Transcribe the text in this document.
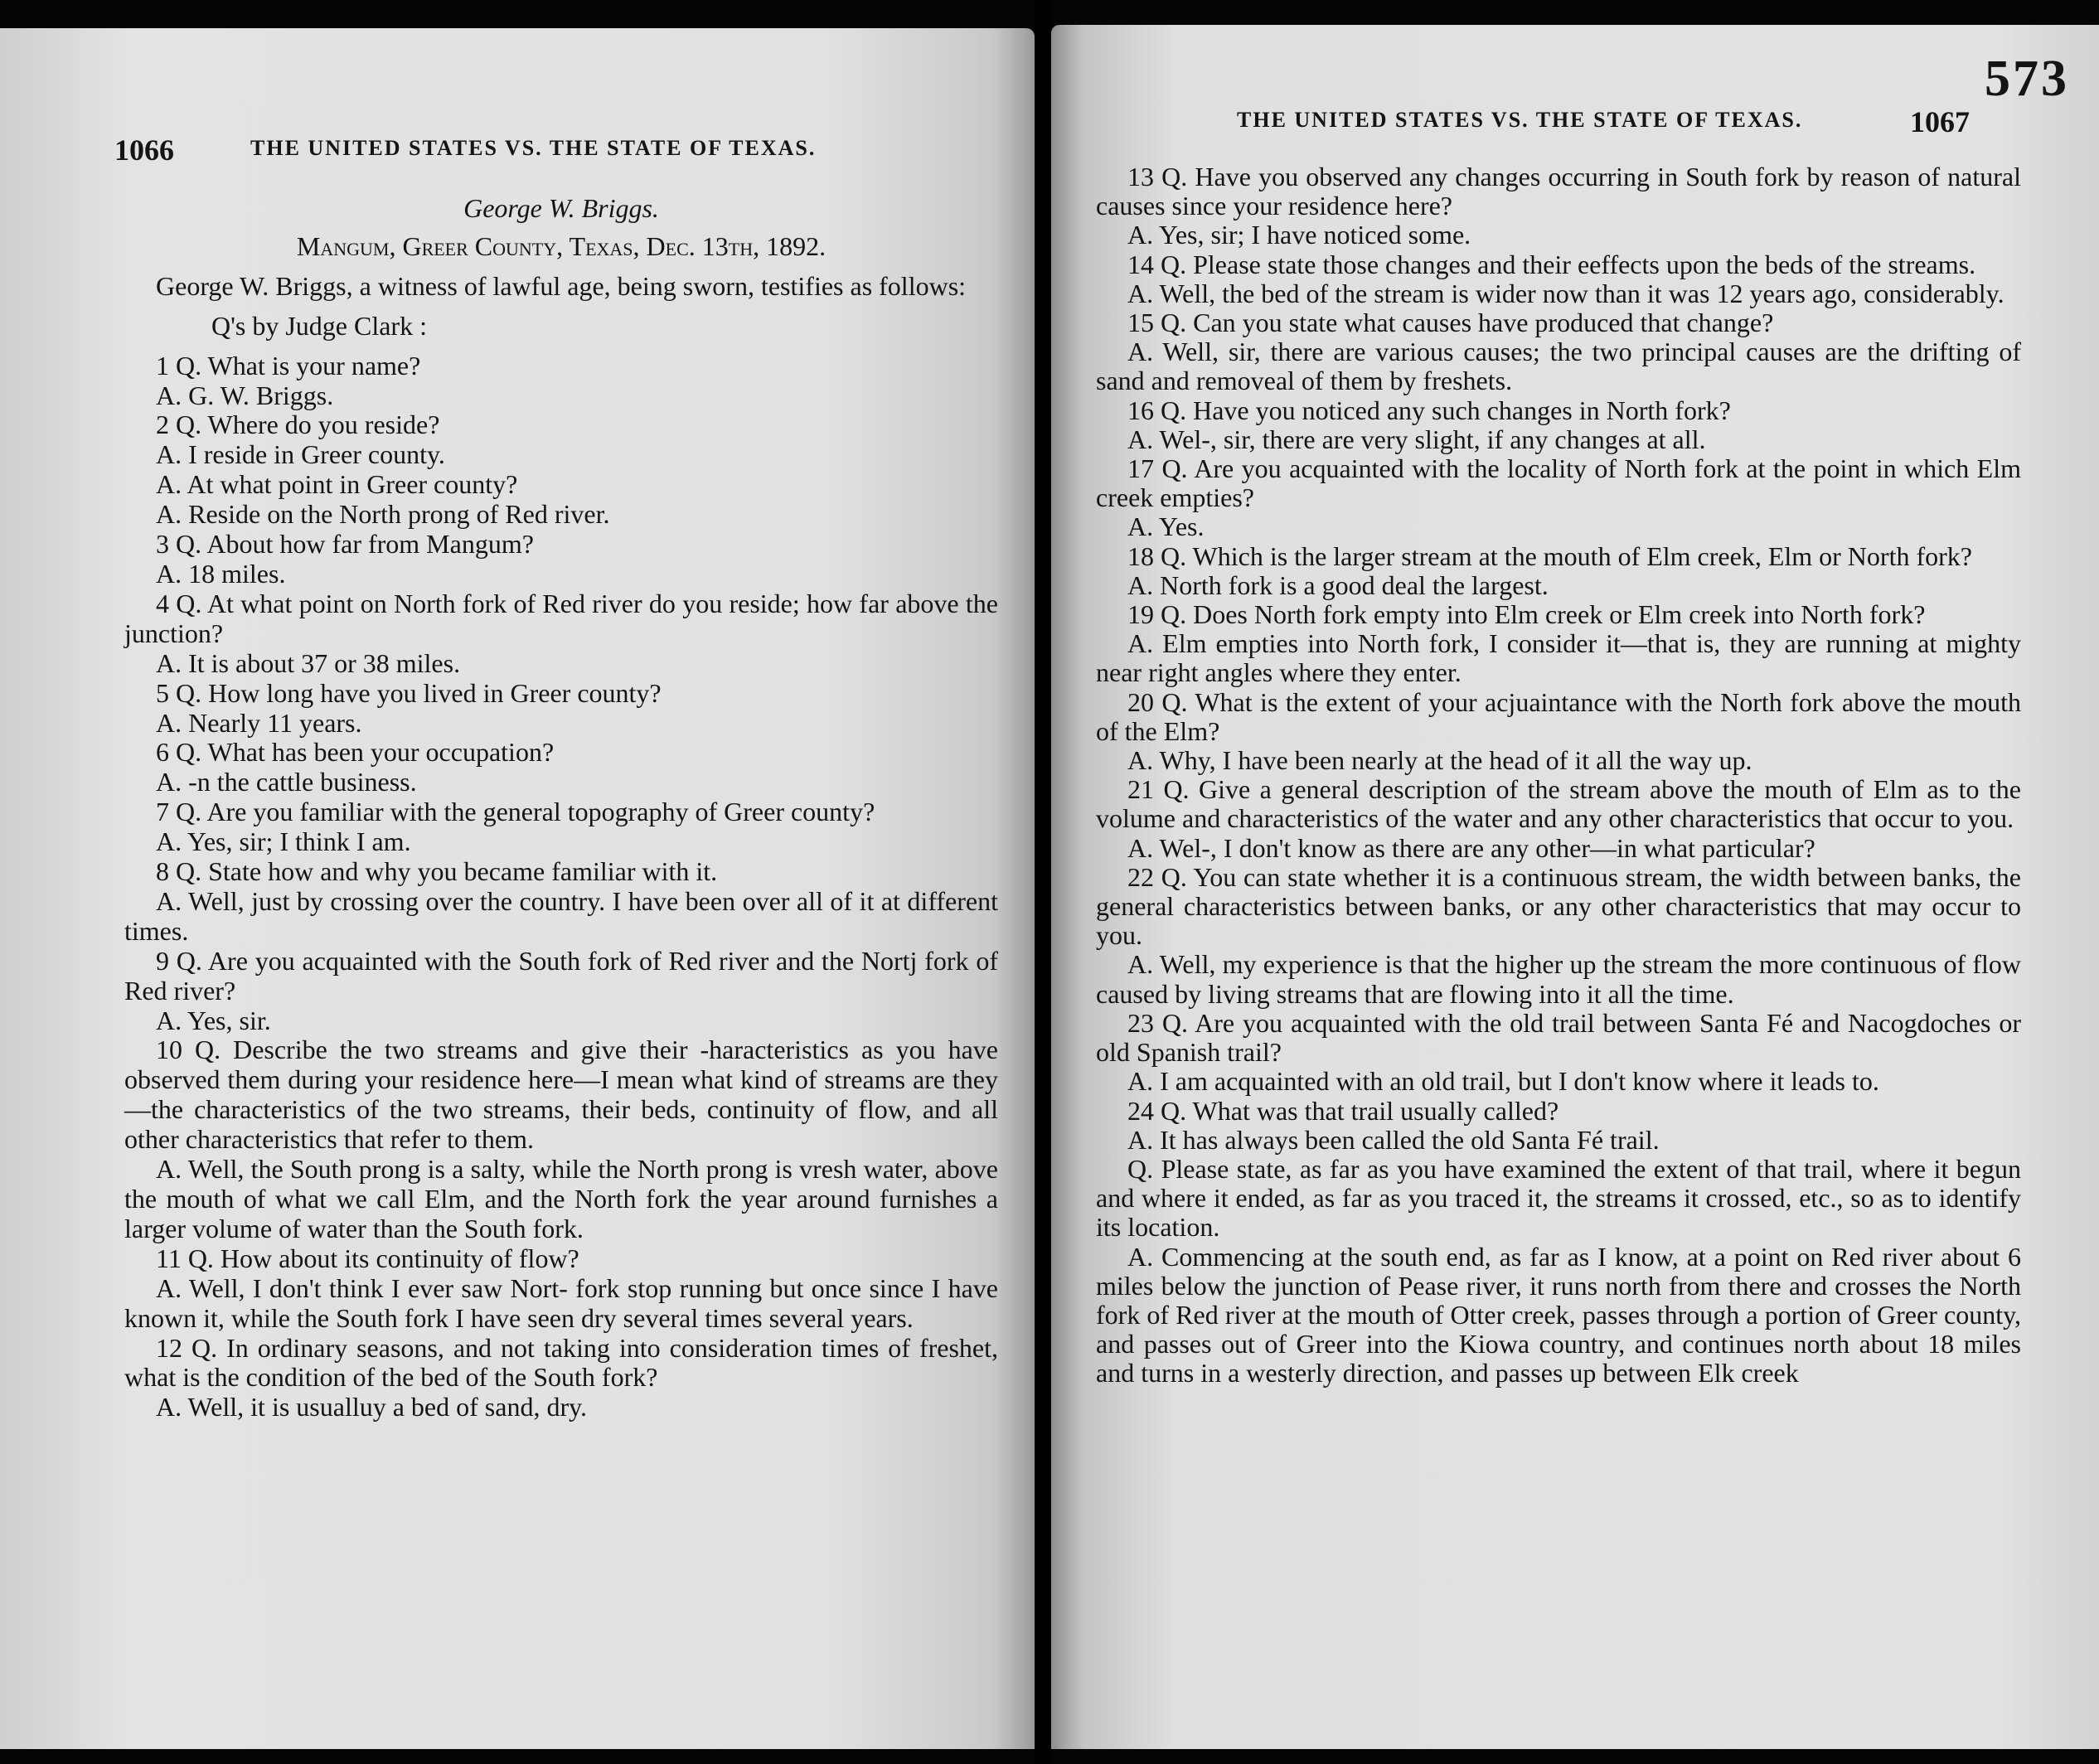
1066	THE UNITED STATES VS. THE STATE OF TEXAS.

George W. Briggs.

Mangum, Greer County, Texas, Dec. 13th, 1892.

George W. Briggs, a witness of lawful age, being sworn, testifies as follows:

Q's by Judge Clark :

1 Q. What is your name?

A. G. W. Briggs.

2 Q. Where do you reside?

A. I reside in Greer county.

A. At what point in Greer county?

A. Reside on the North prong of Red river.

3 Q. About how far from Mangum?

A. 18 miles.

4 Q. At what point on North fork of Red river do you reside; how far above the junction?

A. It is about 37 or 38 miles.

5 Q. How long have you lived in Greer county?

A. Nearly 11 years.

6 Q. What has been your occupation?

A. -n the cattle business.

7 Q. Are you familiar with the general topography of Greer county?

A. Yes, sir; I think I am.

8 Q. State how and why you became familiar with it.

A. Well, just by crossing over the country. I have been over all of it at different times.

9 Q. Are you acquainted with the South fork of Red river and the Nortj fork of Red river?

A. Yes, sir.

10 Q. Describe the two streams and give their -haracteristics as you have observed them during your residence here—I mean what kind of streams are they—the characteristics of the two streams, their beds, continuity of flow, and all other characteristics that refer to them.

A. Well, the South prong is a salty, while the North prong is vresh water, above the mouth of what we call Elm, and the North fork the year around furnishes a larger volume of water than the South fork.

11 Q. How about its continuity of flow?

A. Well, I don't think I ever saw Nort- fork stop running but once since I have known it, while the South fork I have seen dry several times several years.

12 Q. In ordinary seasons, and not taking into consideration times of freshet, what is the condition of the bed of the South fork?

A. Well, it is usualluy a bed of sand, dry.

573
THE UNITED STATES VS. THE STATE OF TEXAS.	1067

13 Q. Have you observed any changes occurring in South fork by reason of natural causes since your residence here?

A. Yes, sir; I have noticed some.

14 Q. Please state those changes and their eeffects upon the beds of the streams.

A. Well, the bed of the stream is wider now than it was 12 years ago, considerably.

15 Q. Can you state what causes have produced that change?

A. Well, sir, there are various causes; the two principal causes are the drifting of sand and removeal of them by freshets.

16 Q. Have you noticed any such changes in North fork?

A. Wel-, sir, there are very slight, if any changes at all.

17 Q. Are you acquainted with the locality of North fork at the point in which Elm creek empties?

A. Yes.

18 Q. Which is the larger stream at the mouth of Elm creek, Elm or North fork?

A. North fork is a good deal the largest.

19 Q. Does North fork empty into Elm creek or Elm creek into North fork?

A. Elm empties into North fork, I consider it—that is, they are running at mighty near right angles where they enter.

20 Q. What is the extent of your acjuaintance with the North fork above the mouth of the Elm?

A. Why, I have been nearly at the head of it all the way up.

21 Q. Give a general description of the stream above the mouth of Elm as to the volume and characteristics of the water and any other characteristics that occur to you.

A. Wel-, I don't know as there are any other—in what particular?

22 Q. You can state whether it is a continuous stream, the width between banks, the general characteristics between banks, or any other characteristics that may occur to you.

A. Well, my experience is that the higher up the stream the more continuous of flow caused by living streams that are flowing into it all the time.

23 Q. Are you acquainted with the old trail between Santa Fé and Nacogdoches or old Spanish trail?

A. I am acquainted with an old trail, but I don't know where it leads to.

24 Q. What was that trail usually called?

A. It has always been called the old Santa Fé trail.

Q. Please state, as far as you have examined the extent of that trail, where it begun and where it ended, as far as you traced it, the streams it crossed, etc., so as to identify its location.

A. Commencing at the south end, as far as I know, at a point on Red river about 6 miles below the junction of Pease river, it runs north from there and crosses the North fork of Red river at the mouth of Otter creek, passes through a portion of Greer county, and passes out of Greer into the Kiowa country, and continues north about 18 miles and turns in a westerly direction, and passes up between Elk creek
